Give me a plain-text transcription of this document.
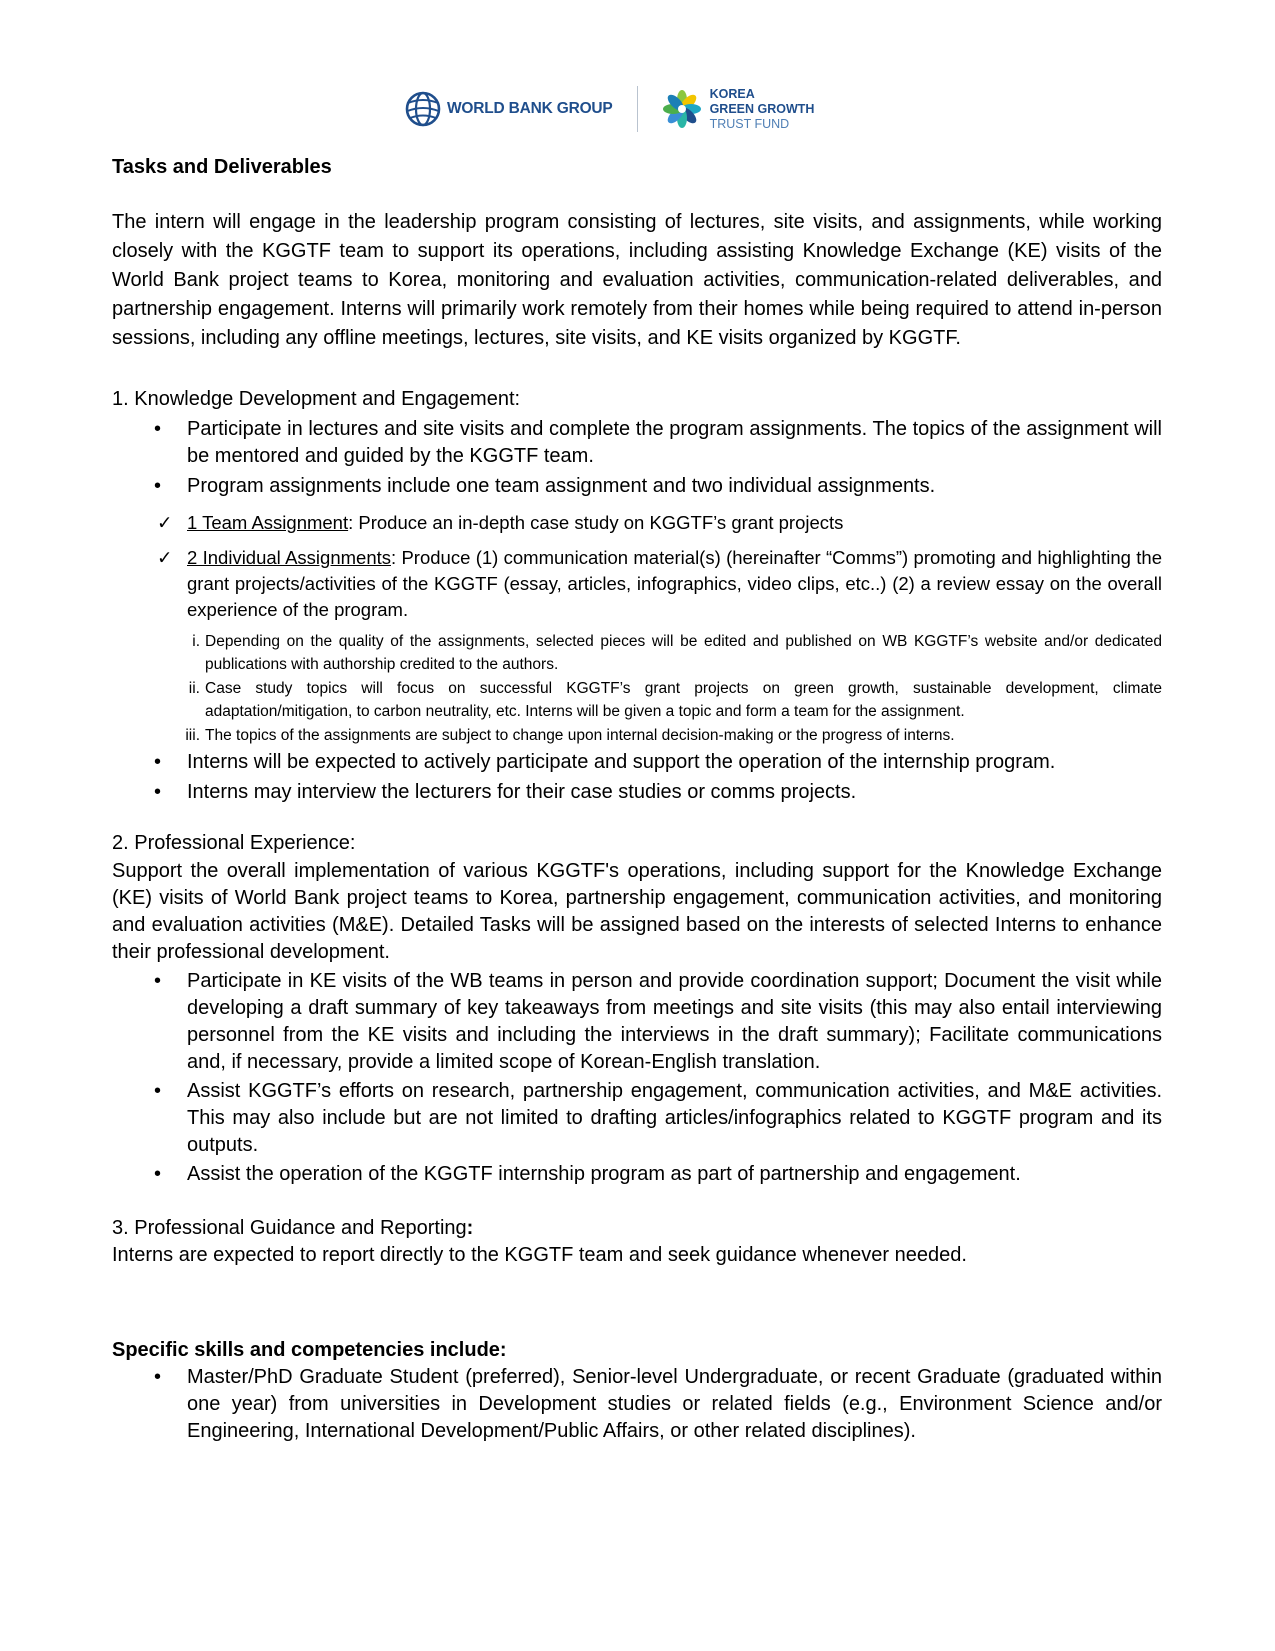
WORLD BANK GROUP
KOREA
GREEN GROWTH
TRUST FUND
Tasks and Deliverables
The intern will engage in the leadership program consisting of lectures, site visits, and assignments, while working closely with the KGGTF team to support its operations, including assisting Knowledge Exchange (KE) visits of the World Bank project teams to Korea, monitoring and evaluation activities, communication-related deliverables, and partnership engagement. Interns will primarily work remotely from their homes while being required to attend in-person sessions, including any offline meetings, lectures, site visits, and KE visits organized by KGGTF.
1. Knowledge Development and Engagement:
• Participate in lectures and site visits and complete the program assignments. The topics of the assignment will be mentored and guided by the KGGTF team.
• Program assignments include one team assignment and two individual assignments.
✓ 1 Team Assignment: Produce an in-depth case study on KGGTF’s grant projects
✓ 2 Individual Assignments: Produce (1) communication material(s) (hereinafter “Comms”) promoting and highlighting the grant projects/activities of the KGGTF (essay, articles, infographics, video clips, etc..) (2) a review essay on the overall experience of the program.
i. Depending on the quality of the assignments, selected pieces will be edited and published on WB KGGTF’s website and/or dedicated publications with authorship credited to the authors.
ii. Case study topics will focus on successful KGGTF’s grant projects on green growth, sustainable development, climate adaptation/mitigation, to carbon neutrality, etc. Interns will be given a topic and form a team for the assignment.
iii. The topics of the assignments are subject to change upon internal decision-making or the progress of interns.
• Interns will be expected to actively participate and support the operation of the internship program.
• Interns may interview the lecturers for their case studies or comms projects.
2. Professional Experience:
Support the overall implementation of various KGGTF's operations, including support for the Knowledge Exchange (KE) visits of World Bank project teams to Korea, partnership engagement, communication activities, and monitoring and evaluation activities (M&E). Detailed Tasks will be assigned based on the interests of selected Interns to enhance their professional development.
• Participate in KE visits of the WB teams in person and provide coordination support; Document the visit while developing a draft summary of key takeaways from meetings and site visits (this may also entail interviewing personnel from the KE visits and including the interviews in the draft summary); Facilitate communications and, if necessary, provide a limited scope of Korean-English translation.
• Assist KGGTF’s efforts on research, partnership engagement, communication activities, and M&E activities. This may also include but are not limited to drafting articles/infographics related to KGGTF program and its outputs.
• Assist the operation of the KGGTF internship program as part of partnership and engagement.
3. Professional Guidance and Reporting:
Interns are expected to report directly to the KGGTF team and seek guidance whenever needed.
Specific skills and competencies include:
• Master/PhD Graduate Student (preferred), Senior-level Undergraduate, or recent Graduate (graduated within one year) from universities in Development studies or related fields (e.g., Environment Science and/or Engineering, International Development/Public Affairs, or other related disciplines).
